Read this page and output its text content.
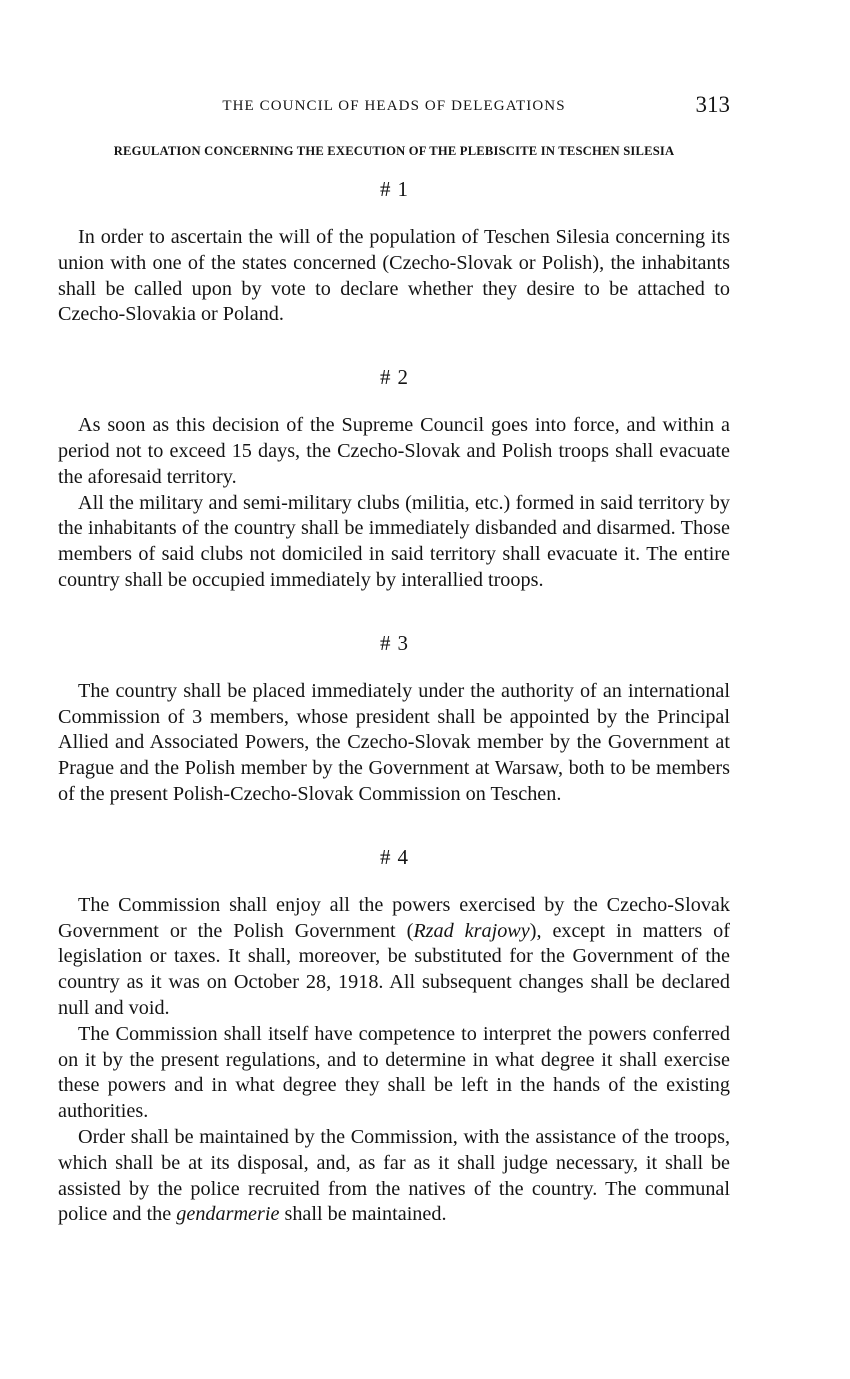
THE COUNCIL OF HEADS OF DELEGATIONS	313
REGULATION CONCERNING THE EXECUTION OF THE PLEBISCITE IN TESCHEN SILESIA
# 1

In order to ascertain the will of the population of Teschen Silesia concerning its union with one of the states concerned (Czecho-Slovak or Polish), the inhabitants shall be called upon by vote to declare whether they desire to be attached to Czecho-Slovakia or Poland.

# 2

As soon as this decision of the Supreme Council goes into force, and within a period not to exceed 15 days, the Czecho-Slovak and Polish troops shall evacuate the aforesaid territory.

All the military and semi-military clubs (militia, etc.) formed in said territory by the inhabitants of the country shall be immediately disbanded and disarmed. Those members of said clubs not domiciled in said territory shall evacuate it. The entire country shall be occupied immediately by interallied troops.

# 3

The country shall be placed immediately under the authority of an international Commission of 3 members, whose president shall be appointed by the Principal Allied and Associated Powers, the Czecho-Slovak member by the Government at Prague and the Polish member by the Government at Warsaw, both to be members of the present Polish-Czecho-Slovak Commission on Teschen.

# 4

The Commission shall enjoy all the powers exercised by the Czecho-Slovak Government or the Polish Government (Rzad krajowy), except in matters of legislation or taxes. It shall, moreover, be substituted for the Government of the country as it was on October 28, 1918. All subsequent changes shall be declared null and void.

The Commission shall itself have competence to interpret the powers conferred on it by the present regulations, and to determine in what degree it shall exercise these powers and in what degree they shall be left in the hands of the existing authorities.

Order shall be maintained by the Commission, with the assistance of the troops, which shall be at its disposal, and, as far as it shall judge necessary, it shall be assisted by the police recruited from the natives of the country. The communal police and the gendarmerie shall be maintained.
